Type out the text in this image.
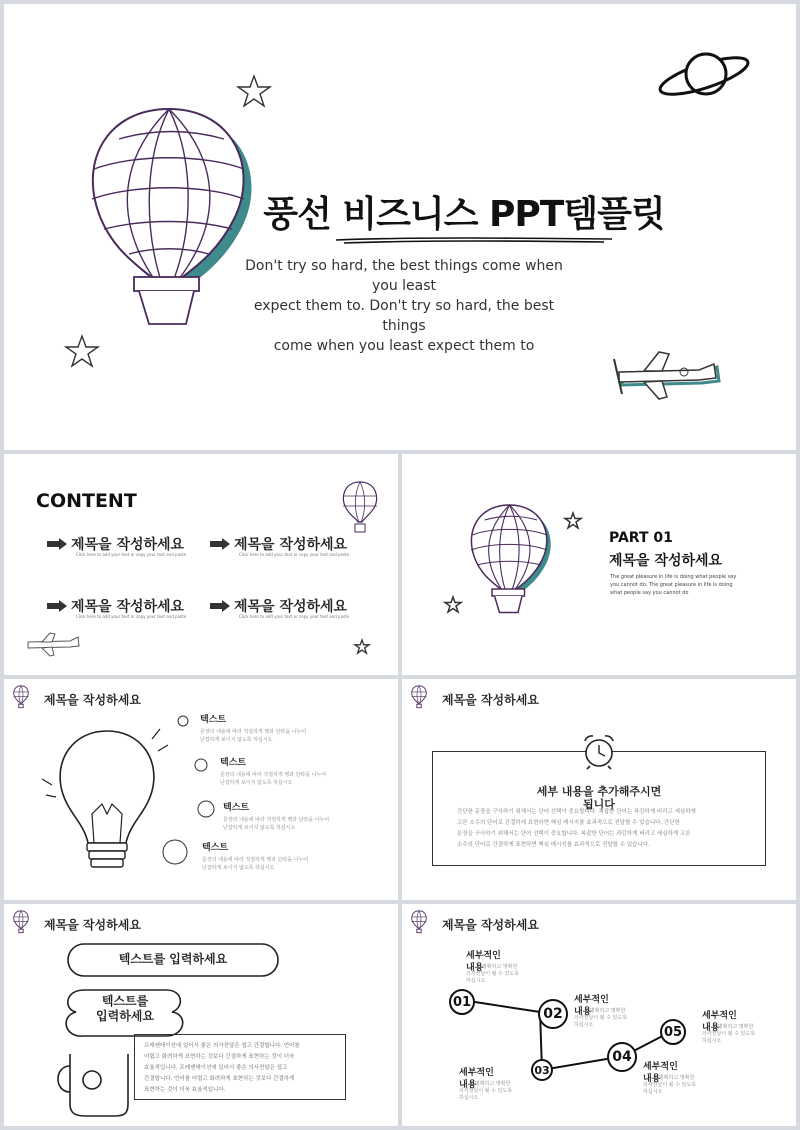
풍선 비즈니스 PPT템플릿
Don't try so hard, the best things come when you least
expect them to. Don't try so hard, the best things
come when you least expect them to
CONTENT
제목을 작성하세요
Click here to add your text or copy your text and paste
제목을 작성하세요
Click here to add your text or copy your text and paste
제목을 작성하세요
Click here to add your text or copy your text and paste
제목을 작성하세요
Click here to add your text or copy your text and paste
PART 01
제목을 작성하세요
The great pleasure in life is doing what people say
you cannot do. The great pleasure in life is doing
what people say you cannot do
제목을 작성하세요
텍스트
문장의 내용에 따라 적절하게 행과 단락을 나누어
난잡하게 보이지 않도록 하십시오
텍스트
문장의 내용에 따라 적절하게 행과 단락을 나누어
난잡하게 보이지 않도록 하십시오
텍스트
문장의 내용에 따라 적절하게 행과 단락을 나누어
난잡하게 보이지 않도록 하십시오
텍스트
문장의 내용에 따라 적절하게 행과 단락을 나누어
난잡하게 보이지 않도록 하십시오
제목을 작성하세요
세부 내용을 추가해주시면
됩니다
간단한 문장을 구사하기 위해서는 단어 선택이 중요합니다. 복잡한 단어는 과감하게 버리고 세심하게
고른 소수의 단어로 간결하게 표현하면 핵심 메시지를 효과적으로 전달할 수 있습니다. 간단한
문장을 구사하기 위해서는 단어 선택이 중요합니다. 복잡한 단어는 과감하게 버리고 세심하게 고른
소수의 단어로 간결하게 표현하면 핵심 메시지를 효과적으로 전달할 수 있습니다.
제목을 작성하세요
텍스트를 입력하세요
텍스트를
입력하세요
프레젠테이션에 있어서 좋은 의사전달은 쉽고 간결합니다. 언어를
어렵고 화려하게 표현하는 것보다 간결하게 표현하는 것이 더욱
효율적입니다. 프레젠테이션에 있어서 좋은 의사전달은 쉽고
간결합니다. 언어를 어렵고 화려하게 표현하는 것보다 간결하게
표현하는 것이 더욱 효율적입니다.
제목을 작성하세요
01
02
03
04
05
세부적인
내용
명확하고 명확한
의사전달이 될 수 있도록
하십시오
세부적인
내용
명확하고 명확한
의사전달이 될 수 있도록
하십시오
세부적인
내용
명확하고 명확한
의사전달이 될 수 있도록
하십시오
세부적인
내용
명확하고 명확한
의사전달이 될 수 있도록
하십시오
세부적인
내용
명확하고 명확한
의사전달이 될 수 있도록
하십시오
